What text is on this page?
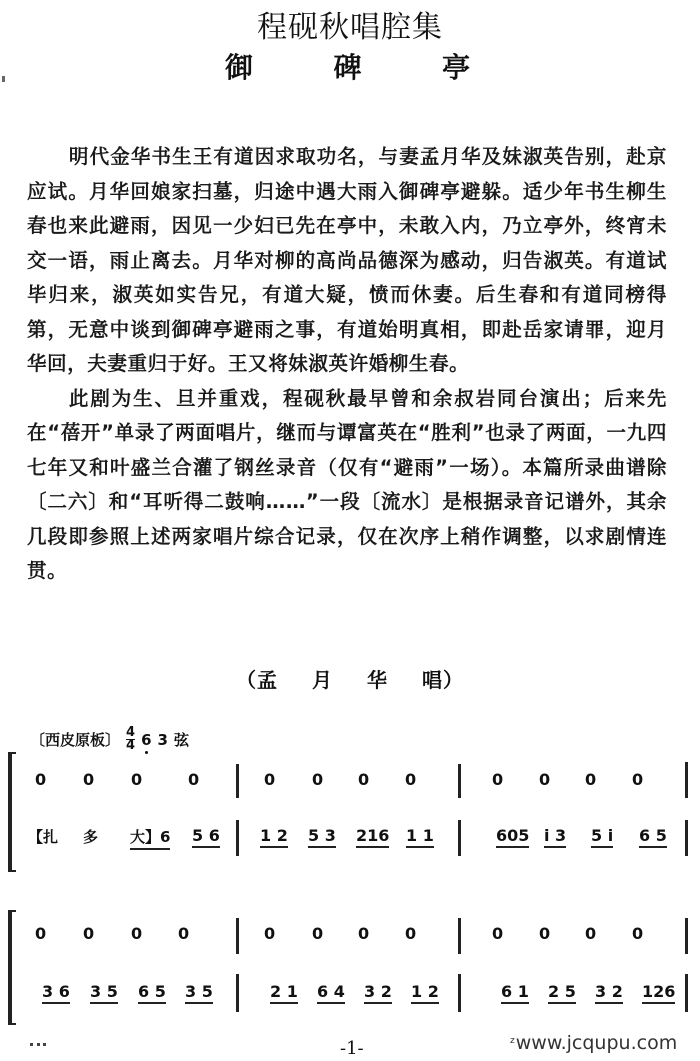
程砚秋唱腔集
御	碑	亭

明代金华书生王有道因求取功名，与妻孟月华及妹淑英告别，赴京应试。月华回娘家扫墓，归途中遇大雨入御碑亭避躲。适少年书生柳生春也来此避雨，因见一少妇已先在亭中，未敢入内，乃立亭外，终宵未交一语，雨止离去。月华对柳的高尚品德深为感动，归告淑英。有道试毕归来，淑英如实告兄，有道大疑，愤而休妻。后生春和有道同榜得第，无意中谈到御碑亭避雨之事，有道始明真相，即赴岳家请罪，迎月华回，夫妻重归于好。王又将妹淑英许婚柳生春。

此剧为生、旦并重戏，程砚秋最早曾和余叔岩同台演出；后来先在“蓓开”单录了两面唱片，继而与谭富英在“胜利”也录了两面，一九四七年又和叶盛兰合灌了钢丝录音（仅有“避雨”一场）。本篇所录曲谱除〔二六〕和“耳听得二鼓响……”一段〔流水〕是根据录音记谱外，其余几段即参照上述两家唱片综合记录，仅在次序上稍作调整，以求剧情连贯。

（孟 月 华 唱）
〔西皮原板〕 4
4 6 3 弦
0 0 0	0	0 0 0 0	0 0 0 0
【扎 多 大】6 5 6	1 2 5 3 216 1 1	605 i 3 5 i 6 5
0 0 0 0	0 0 0 0	0 0 0 0
3 6 3 5 6 5 3 5	2 1 6 4 3 2 1 2	6 1 2 5 3 2 126
-1-	$^z$www.jcqupu.com
